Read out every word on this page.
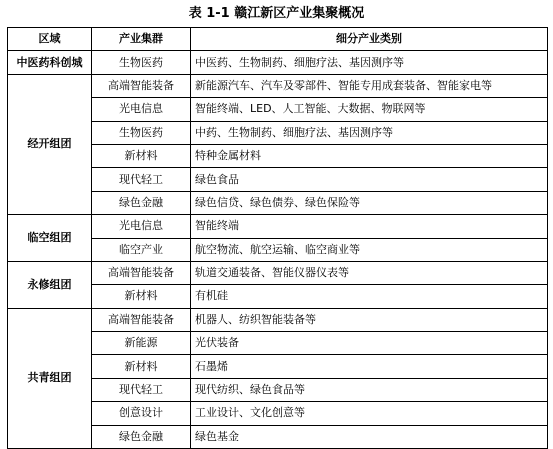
表 1-1 赣江新区产业集聚概况
区域	产业集群	细分产业类别
中医药科创城	生物医药	中医药、生物制药、细胞疗法、基因测序等
经开组团	高端智能装备	新能源汽车、汽车及零部件、智能专用成套装备、智能家电等
	光电信息	智能终端、LED、人工智能、大数据、物联网等
	生物医药	中药、生物制药、细胞疗法、基因测序等
	新材料	特种金属材料
	现代轻工	绿色食品
	绿色金融	绿色信贷、绿色债券、绿色保险等
临空组团	光电信息	智能终端
	临空产业	航空物流、航空运输、临空商业等
永修组团	高端智能装备	轨道交通装备、智能仪器仪表等
	新材料	有机硅
共青组团	高端智能装备	机器人、纺织智能装备等
	新能源	光伏装备
	新材料	石墨烯
	现代轻工	现代纺织、绿色食品等
	创意设计	工业设计、文化创意等
	绿色金融	绿色基金
